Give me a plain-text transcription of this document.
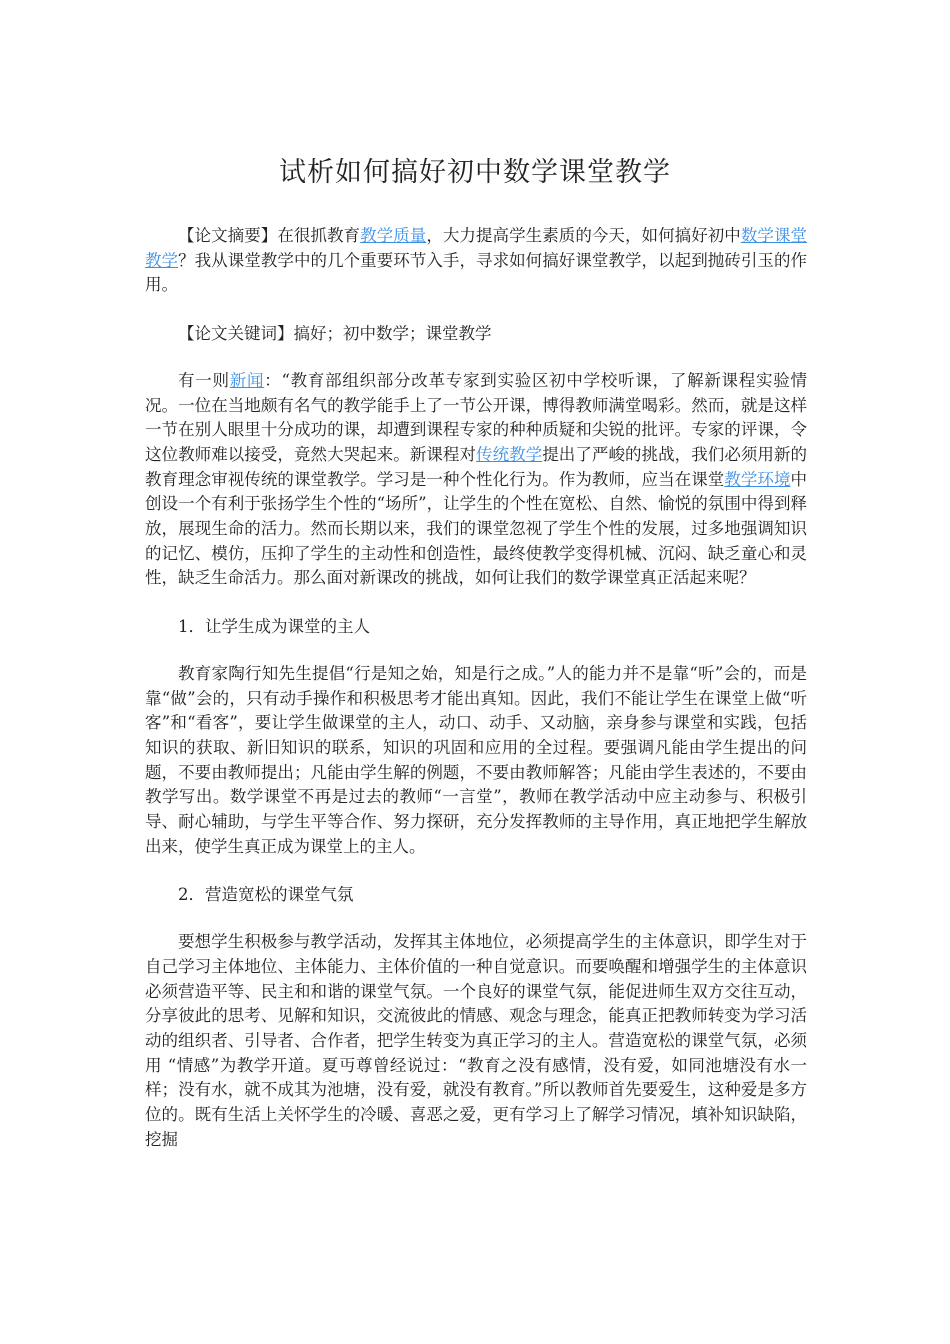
试析如何搞好初中数学课堂教学

【论文摘要】在很抓教育教学质量，大力提高学生素质的今天，如何搞好初中数学课堂教学？我从课堂教学中的几个重要环节入手，寻求如何搞好课堂教学，以起到抛砖引玉的作用。

【论文关键词】搞好；初中数学；课堂教学

有一则新闻：“教育部组织部分改革专家到实验区初中学校听课，了解新课程实验情况。一位在当地颇有名气的教学能手上了一节公开课，博得教师满堂喝彩。然而，就是这样一节在别人眼里十分成功的课，却遭到课程专家的种种质疑和尖锐的批评。专家的评课，令这位教师难以接受，竟然大哭起来。新课程对传统教学提出了严峻的挑战，我们必须用新的教育理念审视传统的课堂教学。学习是一种个性化行为。作为教师，应当在课堂教学环境中创设一个有利于张扬学生个性的“场所”，让学生的个性在宽松、自然、愉悦的氛围中得到释放，展现生命的活力。然而长期以来，我们的课堂忽视了学生个性的发展，过多地强调知识的记忆、模仿，压抑了学生的主动性和创造性，最终使教学变得机械、沉闷、缺乏童心和灵性，缺乏生命活力。那么面对新课改的挑战，如何让我们的数学课堂真正活起来呢？

1．让学生成为课堂的主人

教育家陶行知先生提倡“行是知之始，知是行之成。”人的能力并不是靠“听”会的，而是靠“做”会的，只有动手操作和积极思考才能出真知。因此，我们不能让学生在课堂上做“听客”和“看客”，要让学生做课堂的主人，动口、动手、又动脑，亲身参与课堂和实践，包括知识的获取、新旧知识的联系，知识的巩固和应用的全过程。要强调凡能由学生提出的问题，不要由教师提出；凡能由学生解的例题，不要由教师解答；凡能由学生表述的，不要由教学写出。数学课堂不再是过去的教师“一言堂”，教师在教学活动中应主动参与、积极引导、耐心辅助，与学生平等合作、努力探研，充分发挥教师的主导作用，真正地把学生解放出来，使学生真正成为课堂上的主人。

2．营造宽松的课堂气氛

要想学生积极参与教学活动，发挥其主体地位，必须提高学生的主体意识，即学生对于自己学习主体地位、主体能力、主体价值的一种自觉意识。而要唤醒和增强学生的主体意识必须营造平等、民主和和谐的课堂气氛。一个良好的课堂气氛，能促进师生双方交往互动，分享彼此的思考、见解和知识，交流彼此的情感、观念与理念，能真正把教师转变为学习活动的组织者、引导者、合作者，把学生转变为真正学习的主人。营造宽松的课堂气氛，必须用 “情感”为教学开道。夏丏尊曾经说过：“教育之没有感情，没有爱，如同池塘没有水一样；没有水，就不成其为池塘，没有爱，就没有教育。”所以教师首先要爱生，这种爱是多方位的。既有生活上关怀学生的冷暖、喜恶之爱，更有学习上了解学习情况，填补知识缺陷，挖掘
